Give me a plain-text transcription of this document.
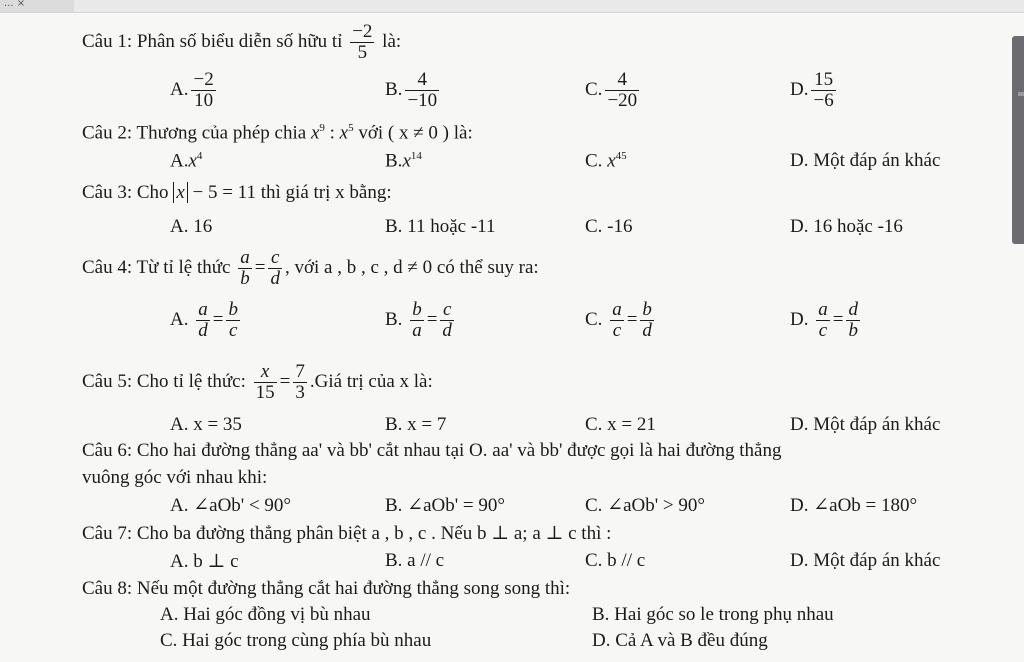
... ×
Câu 1: Phân số biểu diễn số hữu tỉ $\frac{-2}{5}$ là:
A. $\frac{-2}{10}$	B. $\frac{4}{-10}$	C. $\frac{4}{-20}$	D. $\frac{15}{-6}$
Câu 2: Thương của phép chia $x^9$ : $x^5$ với ( x ≠ 0 ) là:
$A.x^4$	$B.x^{14}$	C. $x^{45}$	D. Một đáp án khác
Câu 3: Cho x − 5 = 11 thì giá trị x bằng:
A. 16	B. 11 hoặc -11	C. -16	D. 16 hoặc -16
Câu 4: Từ tỉ lệ thức $\frac{a}{b} = \frac{c}{d}$ , với a , b , c , d ≠ 0 có thể suy ra:
A. $\frac{a}{d} = \frac{b}{c}$	B. $\frac{b}{a} = \frac{c}{d}$	C. $\frac{a}{c} = \frac{b}{d}$	D. $\frac{a}{c} = \frac{d}{b}$
Câu 5: Cho tỉ lệ thức: $\frac{x}{15} = \frac{7}{3}$ .Giá trị của x là:
A. x = 35	B. x = 7	C. x = 21	D. Một đáp án khác
Câu 6: Cho hai đường thẳng aa' và bb' cắt nhau tại O. aa' và bb' được gọi là hai đường thẳng
vuông góc với nhau khi:
A. ∠aOb' < 90°	B. ∠aOb' = 90°	C. ∠aOb' > 90°	D. ∠aOb = 180°
Câu 7: Cho ba đường thẳng phân biệt a , b , c . Nếu b ⊥ a; a ⊥ c thì :
A. b ⊥ c	B. a // c	C. b // c	D. Một đáp án khác
Câu 8: Nếu một đường thẳng cắt hai đường thẳng song song thì:
A. Hai góc đồng vị bù nhau	B. Hai góc so le trong phụ nhau
C. Hai góc trong cùng phía bù nhau	D. Cả A và B đều đúng
